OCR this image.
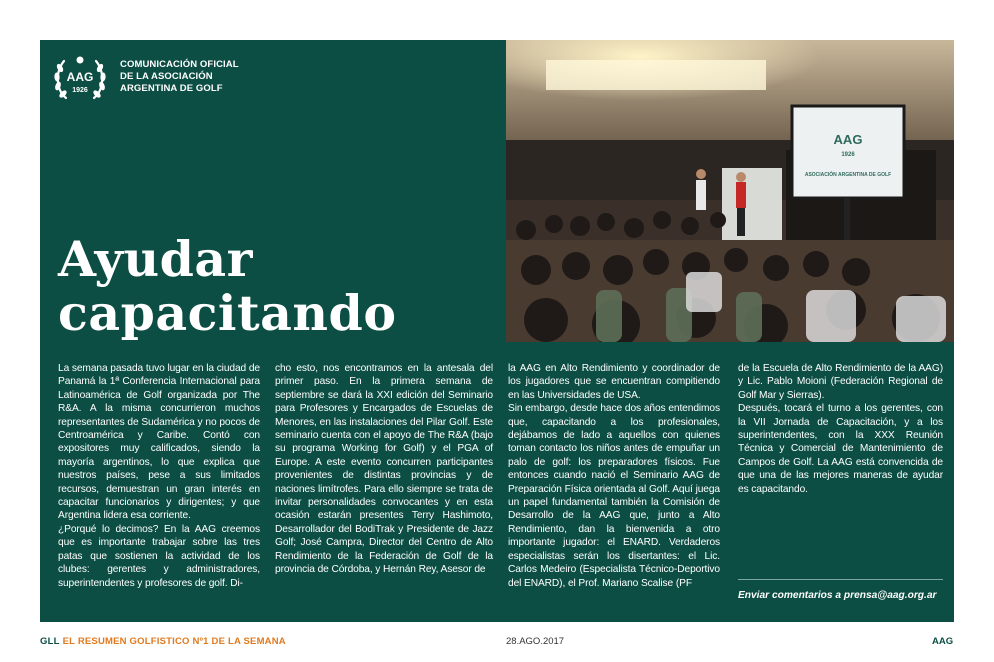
AAG
1926
COMUNICACIÓN OFICIAL
DE LA ASOCIACIÓN
ARGENTINA DE GOLF
AAG
1926
ASOCIACIÓN ARGENTINA DE GOLF
Ayudar
capacitando

La semana pasada tuvo lugar en la ciudad de Panamá la 1ª Conferencia Internacional para Latinoamérica de Golf organizada por The R&A. A la misma concurrieron muchos representantes de Sudamérica y no pocos de Centroamérica y Caribe. Contó con expositores muy calificados, siendo la mayoría argentinos, lo que explica que nuestros países, pese a sus limitados recursos, demuestran un gran interés en capacitar funcionarios y dirigentes; y que Argentina lidera esa corriente.

¿Porqué lo decimos? En la AAG creemos que es importante trabajar sobre las tres patas que sostienen la actividad de los clubes: gerentes y administradores, superintendentes y profesores de golf. Di-

cho esto, nos encontramos en la antesala del primer paso. En la primera semana de septiembre se dará la XXI edición del Seminario para Profesores y Encargados de Escuelas de Menores, en las instalaciones del Pilar Golf. Este seminario cuenta con el apoyo de The R&A (bajo su programa Working for Golf) y el PGA of Europe. A este evento concurren participantes provenientes de distintas provincias y de naciones limítrofes. Para ello siempre se trata de invitar personalidades convocantes y en esta ocasión estarán presentes Terry Hashimoto, Desarrollador del BodiTrak y Presidente de Jazz Golf; José Campra, Director del Centro de Alto Rendimiento de la Federación de Golf de la provincia de Córdoba, y Hernán Rey, Asesor de

la AAG en Alto Rendimiento y coordinador de los jugadores que se encuentran compitiendo en las Universidades de USA.

Sin embargo, desde hace dos años entendimos que, capacitando a los profesionales, dejábamos de lado a aquellos con quienes toman contacto los niños antes de empuñar un palo de golf: los preparadores físicos. Fue entonces cuando nació el Seminario AAG de Preparación Física orientada al Golf. Aquí juega un papel fundamental también la Comisión de Desarrollo de la AAG que, junto a Alto Rendimiento, dan la bienvenida a otro importante jugador: el ENARD. Verdaderos especialistas serán los disertantes: el Lic. Carlos Medeiro (Especialista Técnico-Deportivo del ENARD), el Prof. Mariano Scalise (PF

de la Escuela de Alto Rendimiento de la AAG) y Lic. Pablo Moioni (Federación Regional de Golf Mar y Sierras).

Después, tocará el turno a los gerentes, con la VII Jornada de Capacitación, y a los superintendentes, con la XXX Reunión Técnica y Comercial de Mantenimiento de Campos de Golf. La AAG está convencida de que una de las mejores maneras de ayudar es capacitando.

Enviar comentarios a prensa@aag.org.ar
GLL EL RESUMEN GOLFISTICO Nº1 DE LA SEMANA	28.AGO.2017	AAG
